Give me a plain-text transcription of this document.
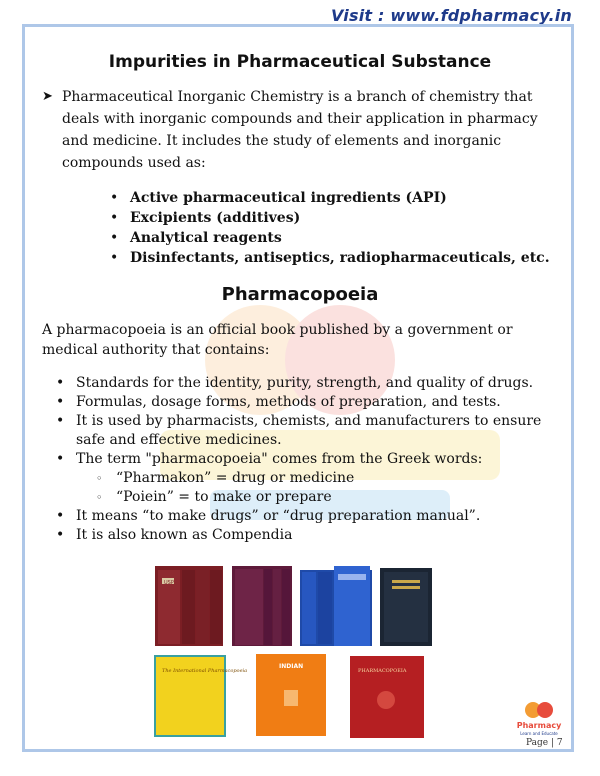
Visit : www.fdpharmacy.in
Impurities in Pharmaceutical Substance
➤ Pharmaceutical Inorganic Chemistry is a branch of chemistry that deals with inorganic compounds and their application in pharmacy and medicine. It includes the study of elements and inorganic compounds used as:
• Active pharmaceutical ingredients (API)
• Excipients (additives)
• Analytical reagents
• Disinfectants, antiseptics, radiopharmaceuticals, etc.
Pharmacopoeia
A pharmacopoeia is an official book published by a government or medical authority that contains:
• Standards for the identity, purity, strength, and quality of drugs.
• Formulas, dosage forms, methods of preparation, and tests.
• It is used by pharmacists, chemists, and manufacturers to ensure safe and effective medicines.
• The term "pharmacopoeia" comes from the Greek words:
◦ “Pharmakon” = drug or medicine
◦ “Poiein” = to make or prepare
• It means “to make drugs” or “drug preparation manual”.
• It is also known as Compendia
USP
The International Pharmacopoeia
INDIAN
PHARMACOPOEIA
Pharmacy
Learn and Educate
Page | 7
